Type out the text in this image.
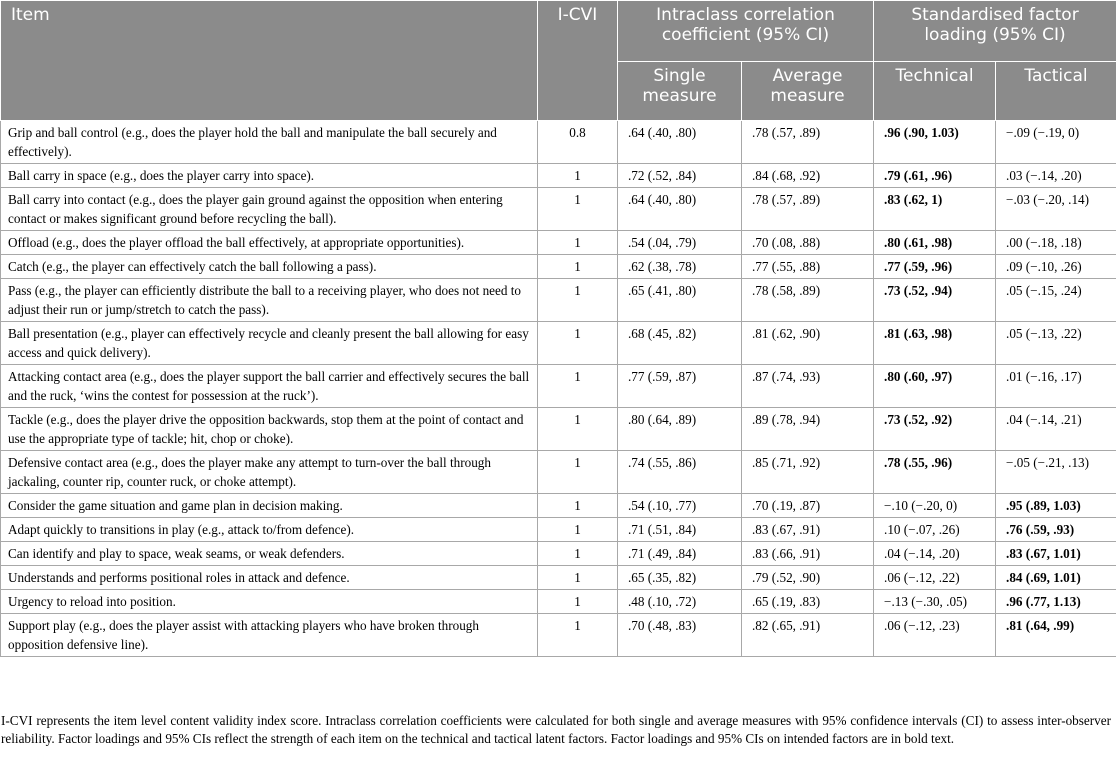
Item	I-CVI	Intraclass correlation coefficient (95% CI)		Standardised factor loading (95% CI)	
		Single measure	Average measure	Technical	Tactical
Grip and ball control (e.g., does the player hold the ball and manipulate the ball securely and effectively).	0.8	.64 (.40, .80)	.78 (.57, .89)	.96 (.90, 1.03)	−.09 (−.19, 0)
Ball carry in space (e.g., does the player carry into space).	1	.72 (.52, .84)	.84 (.68, .92)	.79 (.61, .96)	.03 (−.14, .20)
Ball carry into contact (e.g., does the player gain ground against the opposition when entering contact or makes significant ground before recycling the ball).	1	.64 (.40, .80)	.78 (.57, .89)	.83 (.62, 1)	−.03 (−.20, .14)
Offload (e.g., does the player offload the ball effectively, at appropriate opportunities).	1	.54 (.04, .79)	.70 (.08, .88)	.80 (.61, .98)	.00 (−.18, .18)
Catch (e.g., the player can effectively catch the ball following a pass).	1	.62 (.38, .78)	.77 (.55, .88)	.77 (.59, .96)	.09 (−.10, .26)
Pass (e.g., the player can efficiently distribute the ball to a receiving player, who does not need to adjust their run or jump/stretch to catch the pass).	1	.65 (.41, .80)	.78 (.58, .89)	.73 (.52, .94)	.05 (−.15, .24)
Ball presentation (e.g., player can effectively recycle and cleanly present the ball allowing for easy access and quick delivery).	1	.68 (.45, .82)	.81 (.62, .90)	.81 (.63, .98)	.05 (−.13, .22)
Attacking contact area (e.g., does the player support the ball carrier and effectively secures the ball and the ruck, ‘wins the contest for possession at the ruck’).	1	.77 (.59, .87)	.87 (.74, .93)	.80 (.60, .97)	.01 (−.16, .17)
Tackle (e.g., does the player drive the opposition backwards, stop them at the point of contact and use the appropriate type of tackle; hit, chop or choke).	1	.80 (.64, .89)	.89 (.78, .94)	.73 (.52, .92)	.04 (−.14, .21)
Defensive contact area (e.g., does the player make any attempt to turn-over the ball through jackaling, counter rip, counter ruck, or choke attempt).	1	.74 (.55, .86)	.85 (.71, .92)	.78 (.55, .96)	−.05 (−.21, .13)
Consider the game situation and game plan in decision making.	1	.54 (.10, .77)	.70 (.19, .87)	−.10 (−.20, 0)	.95 (.89, 1.03)
Adapt quickly to transitions in play (e.g., attack to/from defence).	1	.71 (.51, .84)	.83 (.67, .91)	.10 (−.07, .26)	.76 (.59, .93)
Can identify and play to space, weak seams, or weak defenders.	1	.71 (.49, .84)	.83 (.66, .91)	.04 (−.14, .20)	.83 (.67, 1.01)
Understands and performs positional roles in attack and defence.	1	.65 (.35, .82)	.79 (.52, .90)	.06 (−.12, .22)	.84 (.69, 1.01)
Urgency to reload into position.	1	.48 (.10, .72)	.65 (.19, .83)	−.13 (−.30, .05)	.96 (.77, 1.13)
Support play (e.g., does the player assist with attacking players who have broken through opposition defensive line).	1	.70 (.48, .83)	.82 (.65, .91)	.06 (−.12, .23)	.81 (.64, .99)

I-CVI represents the item level content validity index score. Intraclass correlation coefficients were calculated for both single and average measures with 95% confidence intervals (CI) to assess inter-observer reliability. Factor loadings and 95% CIs reflect the strength of each item on the technical and tactical latent factors. Factor loadings and 95% CIs on intended factors are in bold text.
